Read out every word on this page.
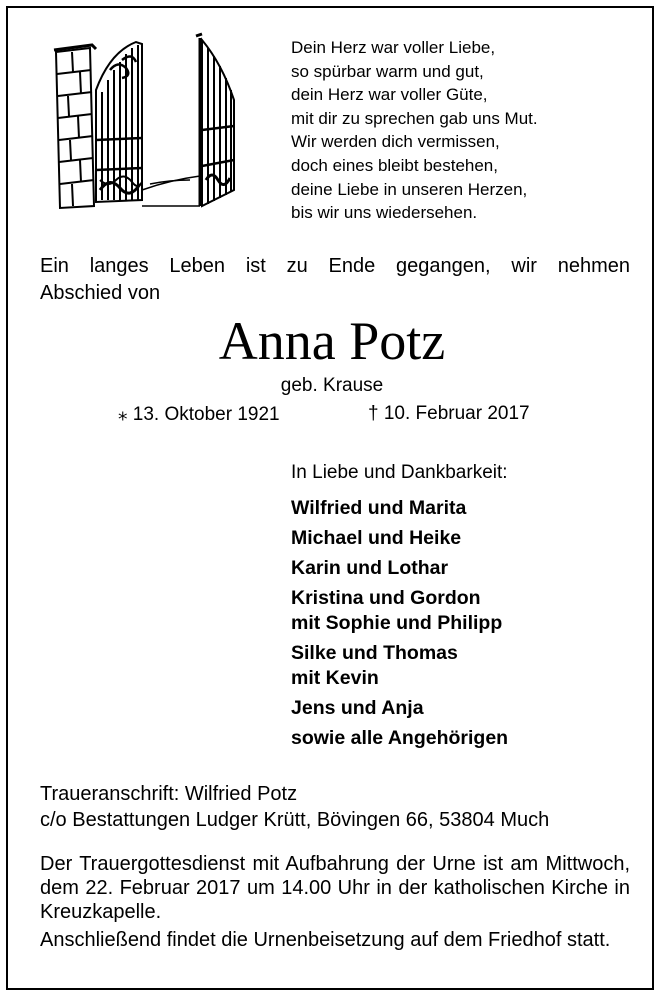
Dein Herz war voller Liebe,
so spürbar warm und gut,
dein Herz war voller Güte,
mit dir zu sprechen gab uns Mut.
Wir werden dich vermissen,
doch eines bleibt bestehen,
deine Liebe in unseren Herzen,
bis wir uns wiedersehen.
Ein langes Leben ist zu Ende gegangen, wir nehmen
Abschied von
Anna Potz
geb. Krause
⁎ 13. Oktober 1921	† 10. Februar 2017
In Liebe und Dankbarkeit:
Wilfried und Marita
Michael und Heike
Karin und Lothar
Kristina und Gordon
mit Sophie und Philipp
Silke und Thomas
mit Kevin
Jens und Anja
sowie alle Angehörigen
Traueranschrift: Wilfried Potz
c/o Bestattungen Ludger Krütt, Bövingen 66, 53804 Much

Der Trauergottesdienst mit Aufbahrung der Urne ist am Mittwoch, dem 22. Februar 2017 um 14.00 Uhr in der katholischen Kirche in Kreuzkapelle.

Anschließend findet die Urnenbeisetzung auf dem Friedhof statt.
